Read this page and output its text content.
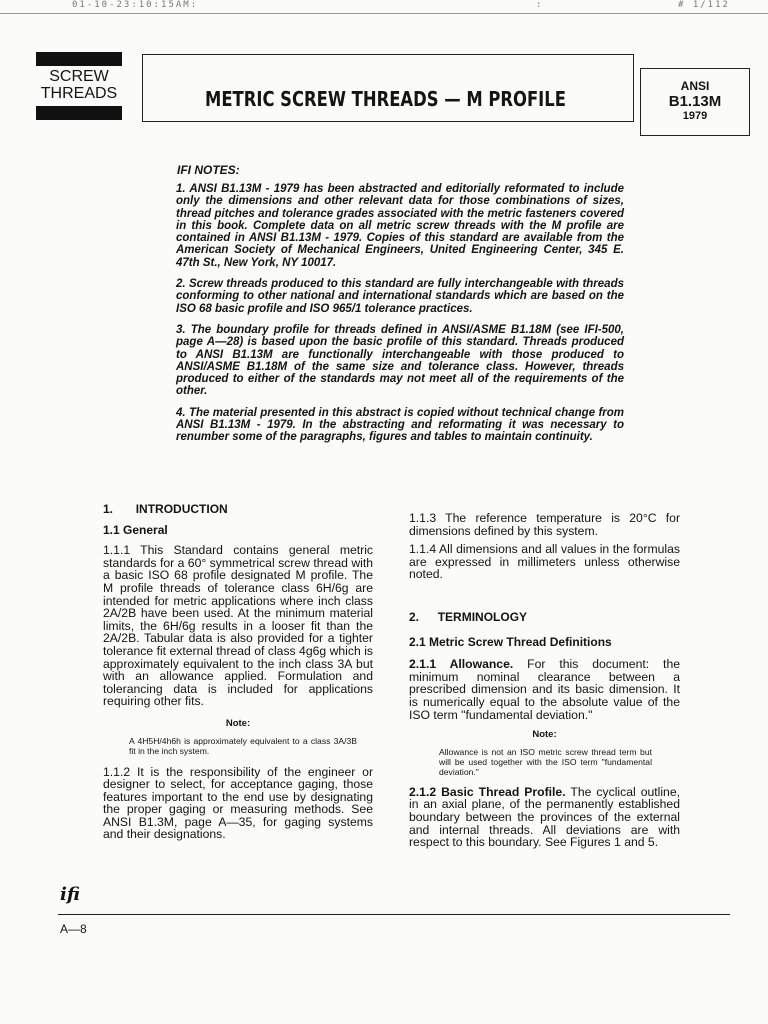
01-10-23:10:15AM:	:	# 1/112
SCREW
THREADS	METRIC SCREW THREADS — M PROFILE
ANSI
B1.13M
1979
IFI NOTES:

1. ANSI B1.13M - 1979 has been abstracted and editorially reformated to include only the dimensions and other relevant data for those combinations of sizes, thread pitches and tolerance grades associated with the metric fasteners covered in this book. Complete data on all metric screw threads with the M profile are contained in ANSI B1.13M - 1979. Copies of this standard are available from the American Society of Mechanical Engineers, United Engineering Center, 345 E. 47th St., New York, NY 10017.

2. Screw threads produced to this standard are fully interchangeable with threads conforming to other national and international standards which are based on the ISO 68 basic profile and ISO 965/1 tolerance practices.

3. The boundary profile for threads defined in ANSI/ASME B1.18M (see IFI-500, page A—28) is based upon the basic profile of this standard. Threads produced to ANSI B1.13M are functionally interchangeable with those produced to ANSI/ASME B1.18M of the same size and tolerance class. However, threads produced to either of the standards may not meet all of the requirements of the other.

4. The material presented in this abstract is copied without technical change from ANSI B1.13M - 1979. In the abstracting and reformating it was necessary to renumber some of the paragraphs, figures and tables to maintain continuity.

1. INTRODUCTION
1.1 General

1.1.1 This Standard contains general metric standards for a 60° symmetrical screw thread with a basic ISO 68 profile designated M profile. The M profile threads of tolerance class 6H/6g are intended for metric applications where inch class 2A/2B have been used. At the minimum material limits, the 6H/6g results in a looser fit than the 2A/2B. Tabular data is also provided for a tighter tolerance fit external thread of class 4g6g which is approximately equivalent to the inch class 3A but with an allowance applied. Formulation and tolerancing data is included for applications requiring other fits.

Note:
A 4H5H/4h6h is approximately equivalent to a class 3A/3B fit in the inch system.

1.1.2 It is the responsibility of the engineer or designer to select, for acceptance gaging, those features important to the end use by designating the proper gaging or measuring methods. See ANSI B1.3M, page A—35, for gaging systems and their designations.

1.1.3 The reference temperature is 20°C for dimensions defined by this system.

1.1.4 All dimensions and all values in the formulas are expressed in millimeters unless otherwise noted.

2. TERMINOLOGY
2.1 Metric Screw Thread Definitions

2.1.1 Allowance. For this document: the minimum nominal clearance between a prescribed dimension and its basic dimension. It is numerically equal to the absolute value of the ISO term "fundamental deviation."

Note:
Allowance is not an ISO metric screw thread term but will be used together with the ISO term "fundamental deviation."

2.1.2 Basic Thread Profile. The cyclical outline, in an axial plane, of the permanently established boundary between the provinces of the external and internal threads. All deviations are with respect to this boundary. See Figures 1 and 5.

ifi
A—8
